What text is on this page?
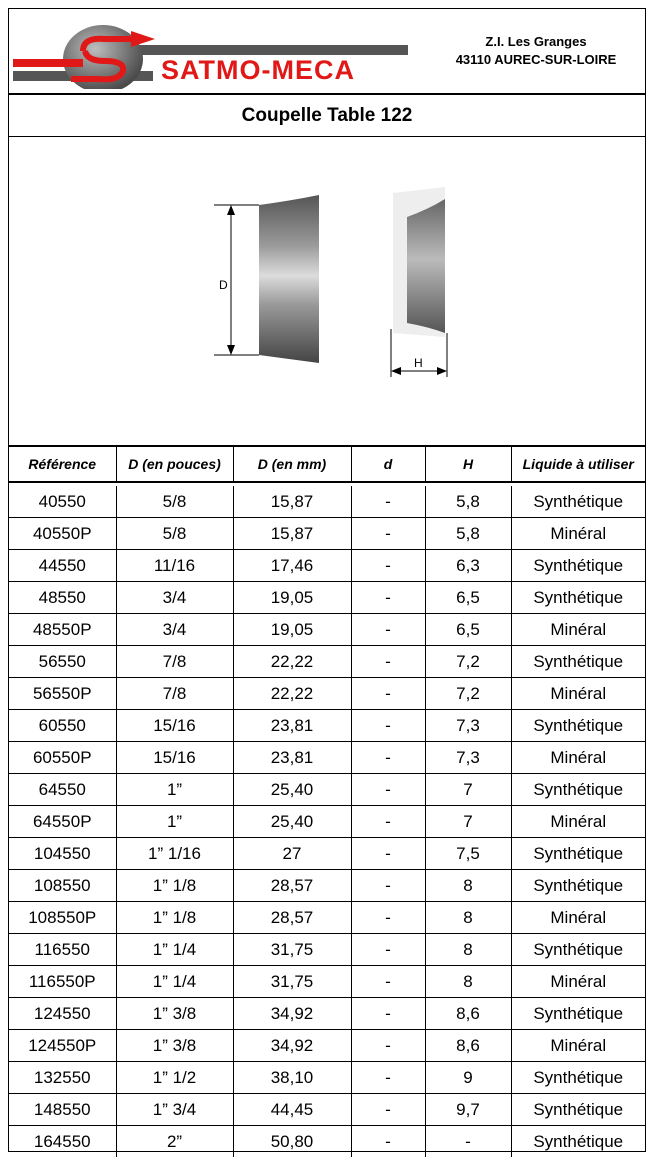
SATMO-MECA
Z.I. Les Granges
43110 AUREC-SUR-LOIRE
Coupelle Table 122
D
H
Référence	D (en pouces)	D (en mm)	d	H	Liquide à utiliser

40550	5/8	15,87	-	5,8	Synthétique
40550P	5/8	15,87	-	5,8	Minéral
44550	11/16	17,46	-	6,3	Synthétique
48550	3/4	19,05	-	6,5	Synthétique
48550P	3/4	19,05	-	6,5	Minéral
56550	7/8	22,22	-	7,2	Synthétique
56550P	7/8	22,22	-	7,2	Minéral
60550	15/16	23,81	-	7,3	Synthétique
60550P	15/16	23,81	-	7,3	Minéral
64550	1”	25,40	-	7	Synthétique
64550P	1”	25,40	-	7	Minéral
104550	1” 1/16	27	-	7,5	Synthétique
108550	1” 1/8	28,57	-	8	Synthétique
108550P	1” 1/8	28,57	-	8	Minéral
116550	1” 1/4	31,75	-	8	Synthétique
116550P	1” 1/4	31,75	-	8	Minéral
124550	1” 3/8	34,92	-	8,6	Synthétique
124550P	1” 3/8	34,92	-	8,6	Minéral
132550	1” 1/2	38,10	-	9	Synthétique
148550	1” 3/4	44,45	-	9,7	Synthétique
164550	2”	50,80	-	-	Synthétique
